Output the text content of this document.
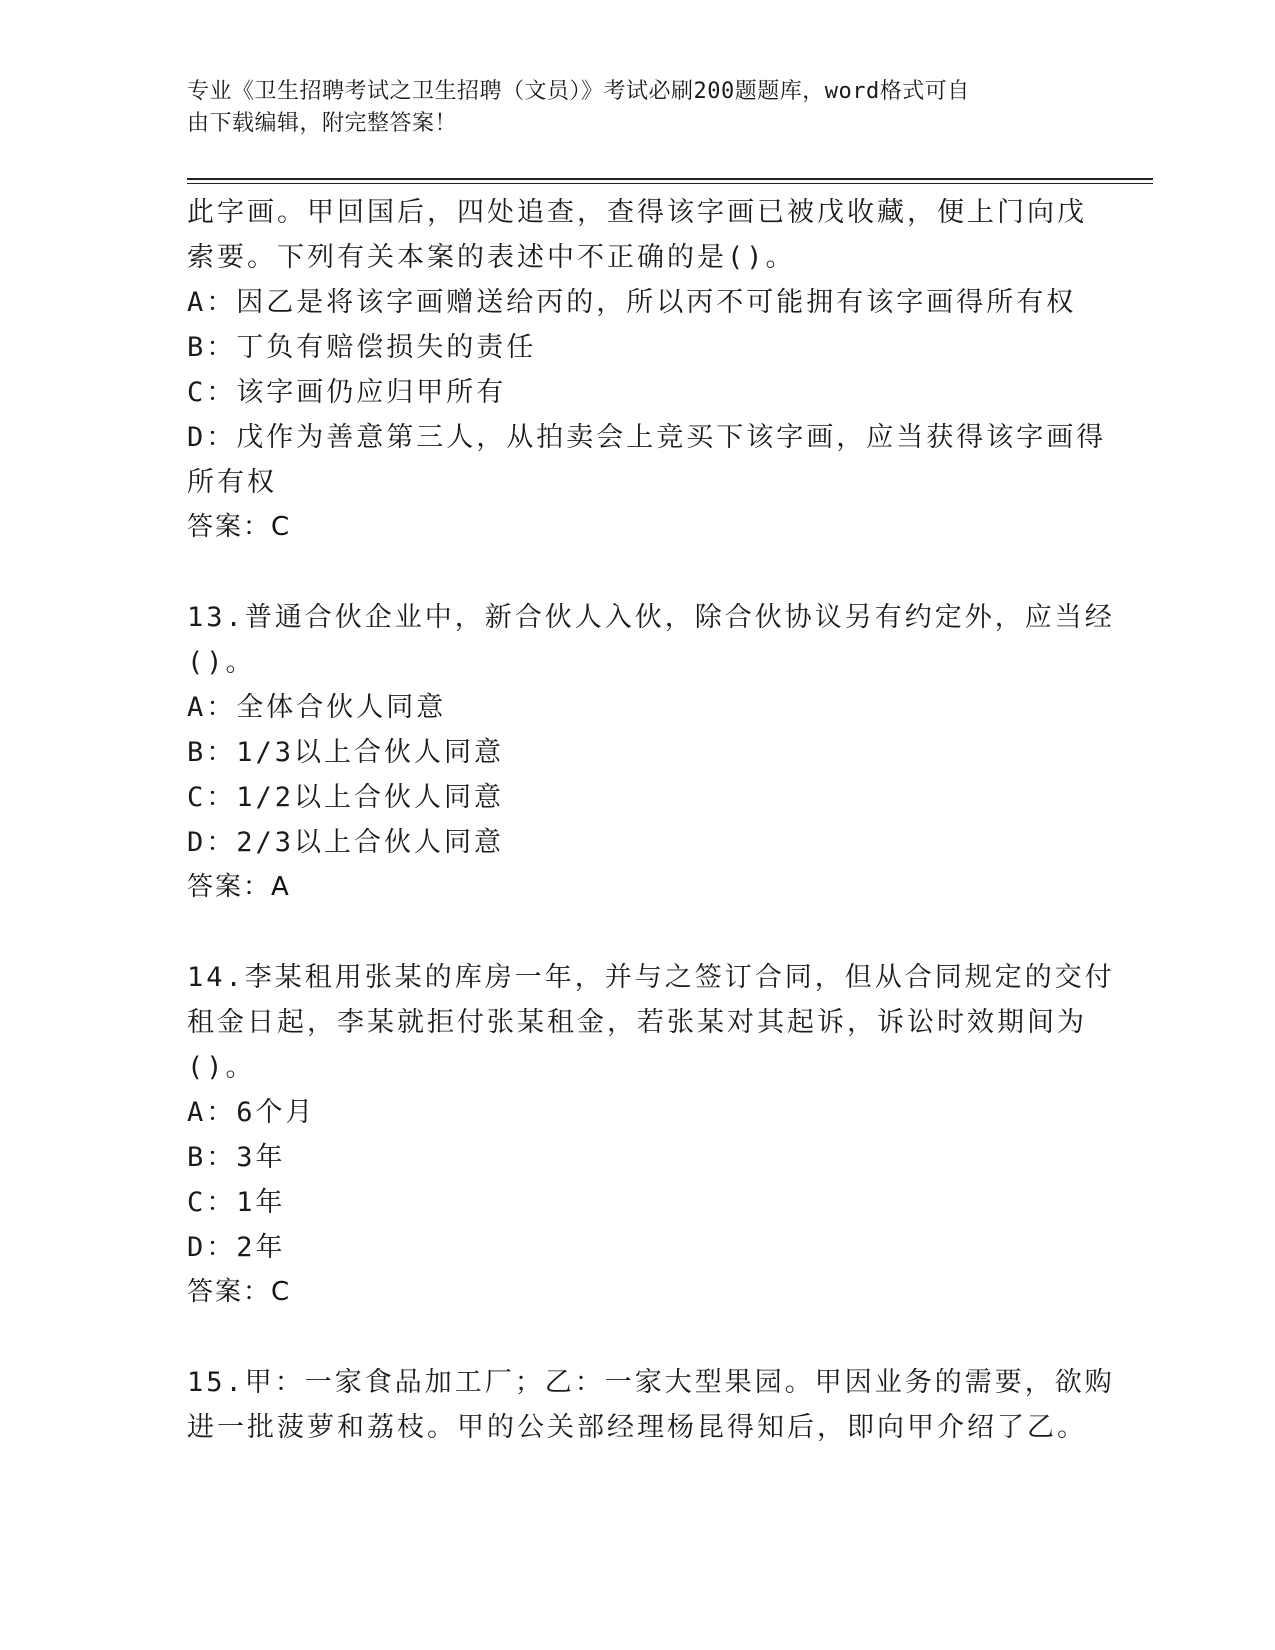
专业《卫生招聘考试之卫生招聘（文员）》考试必刷200题题库，word格式可自
由下载编辑，附完整答案！
此字画。甲回国后，四处追查，查得该字画已被戊收藏，便上门向戊
索要。下列有关本案的表述中不正确的是()。
A：因乙是将该字画赠送给丙的，所以丙不可能拥有该字画得所有权
B：丁负有赔偿损失的责任
C：该字画仍应归甲所有
D：戊作为善意第三人，从拍卖会上竞买下该字画，应当获得该字画得
所有权
答案：C
13.普通合伙企业中，新合伙人入伙，除合伙协议另有约定外，应当经
()。
A：全体合伙人同意
B：1/3以上合伙人同意
C：1/2以上合伙人同意
D：2/3以上合伙人同意
答案：A
14.李某租用张某的库房一年，并与之签订合同，但从合同规定的交付
租金日起，李某就拒付张某租金，若张某对其起诉，诉讼时效期间为
()。
A：6个月
B：3年
C：1年
D：2年
答案：C
15.甲：一家食品加工厂；乙：一家大型果园。甲因业务的需要，欲购
进一批菠萝和荔枝。甲的公关部经理杨昆得知后，即向甲介绍了乙。
